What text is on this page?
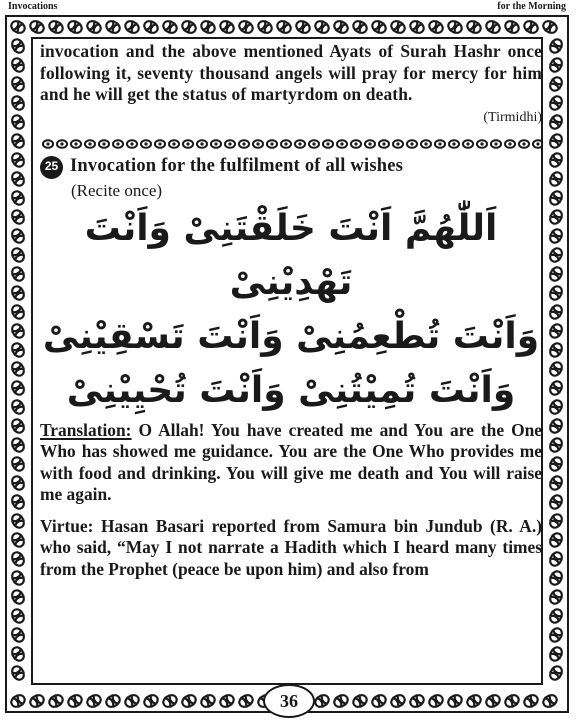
Invocations	for the Morning

invocation and the above mentioned Ayats of Surah Hashr once following it, seventy thousand angels will pray for mercy for him and he will get the status of martyrdom on death.

(Tirmidhi)

25 Invocation for the fulfilment of all wishes

(Recite once)

اَللّٰهُمَّ اَنْتَ خَلَقْتَنِىْ وَاَنْتَ تَهْدِيْنِىْ
وَاَنْتَ تُطْعِمُنِىْ وَاَنْتَ تَسْقِيْنِىْ
وَاَنْتَ تُمِيْتُنِىْ وَاَنْتَ تُحْيِيْنِىْ

Translation: O Allah! You have created me and You are the One Who has showed me guidance. You are the One Who provides me with food and drinking. You will give me death and You will raise me again.

Virtue: Hasan Basari reported from Samura bin Jundub (R. A.) who said, “May I not narrate a Hadith which I heard many times from the Prophet (peace be upon him) and also from

36
